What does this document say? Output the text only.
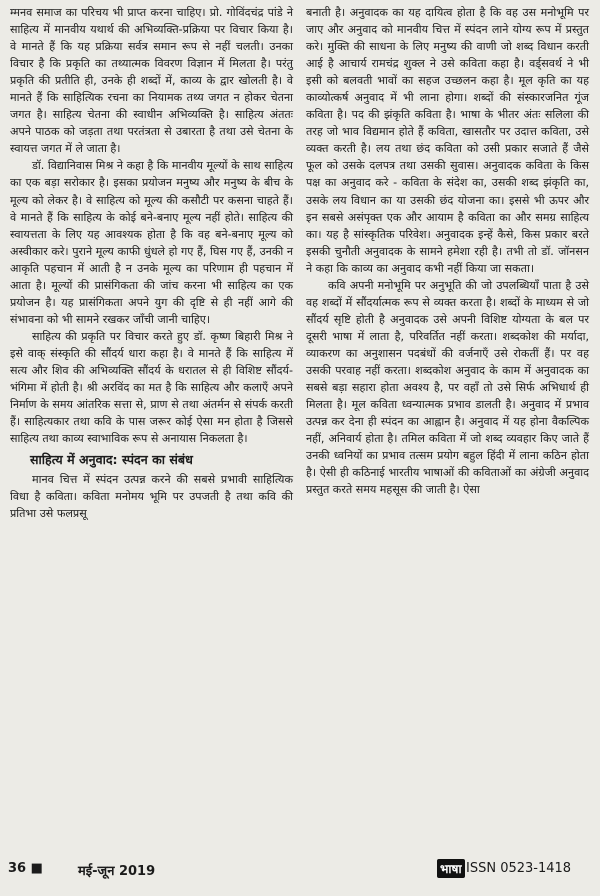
म्मनव समाज का परिचय भी प्राप्त करना चाहिए। प्रो. गोविंदचंद्र पांडे ने साहित्य में मानवीय यथार्थ की अभिव्यक्ति-प्रक्रिया पर विचार किया है। वे मानते हैं कि यह प्रक्रिया सर्वत्र समान रूप से नहीं चलती। उनका विचार है कि प्रकृति का तथ्यात्मक विवरण विज्ञान में मिलता है। परंतु प्रकृति की प्रतीति ही, उनके ही शब्दों में, काव्य के द्वार खोलती है। वे मानते हैं कि साहित्यिक रचना का नियामक तथ्य जगत न होकर चेतना जगत है। साहित्य चेतना की स्वाधीन अभिव्यक्ति है। साहित्य अंततः अपने पाठक को जड़ता तथा परतंत्रता से उबारता है तथा उसे चेतना के स्वायत्त जगत में ले जाता है।

डॉ. विद्यानिवास मिश्र ने कहा है कि मानवीय मूल्यों के साथ साहित्य का एक बड़ा सरोकार है। इसका प्रयोजन मनुष्य और मनुष्य के बीच के मूल्य को लेकर है। वे साहित्य को मूल्य की कसौटी पर कसना चाहते हैं। वे मानते हैं कि साहित्य के कोई बने-बनाए मूल्य नहीं होते। साहित्य की स्वायत्तता के लिए यह आवश्यक होता है कि वह बने-बनाए मूल्य को अस्वीकार करे। पुराने मूल्य काफी धुंधले हो गए हैं, घिस गए हैं, उनकी न आकृति पहचान में आती है न उनके मूल्य का परिणाम ही पहचान में आता है। मूल्यों की प्रासंगिकता की जांच करना भी साहित्य का एक प्रयोजन है। यह प्रासंगिकता अपने युग की दृष्टि से ही नहीं आगे की संभावना को भी सामने रखकर जाँची जानी चाहिए।

साहित्य की प्रकृति पर विचार करते हुए डॉ. कृष्ण बिहारी मिश्र ने इसे वाक् संस्कृति की सौंदर्य धारा कहा है। वे मानते हैं कि साहित्य में सत्य और शिव की अभिव्यक्ति सौंदर्य के धरातल से ही विशिष्ट सौंदर्य-भंगिमा में होती है। श्री अरविंद का मत है कि साहित्य और कलाएँ अपने निर्माण के समय आंतरिक सत्ता से, प्राण से तथा अंतर्मन से संपर्क करती हैं। साहित्यकार तथा कवि के पास जरूर कोई ऐसा मन होता है जिससे साहित्य तथा काव्य स्वाभाविक रूप से अनायास निकलता है।

साहित्य में अनुवाद: स्पंदन का संबंध

मानव चित्त में स्पंदन उत्पन्न करने की सबसे प्रभावी साहित्यिक विधा है कविता। कविता मनोमय भूमि पर उपजती है तथा कवि की प्रतिभा उसे फलप्रसू

बनाती है। अनुवादक का यह दायित्व होता है कि वह उस मनोभूमि पर जाए और अनुवाद को मानवीय चित्त में स्पंदन लाने योग्य रूप में प्रस्तुत करे। मुक्ति की साधना के लिए मनुष्य की वाणी जो शब्द विधान करती आई है आचार्य रामचंद्र शुक्ल ने उसे कविता कहा है। वर्ड्सवर्थ ने भी इसी को बलवती भावों का सहज उच्छलन कहा है। मूल कृति का यह काव्योत्कर्ष अनुवाद में भी लाना होगा। शब्दों की संस्कारजनित गूंज कविता है। पद की झंकृति कविता है। भाषा के भीतर अंतः सलिला की तरह जो भाव विद्यमान होते हैं कविता, खासतौर पर उदात्त कविता, उसे व्यक्त करती है। लय तथा छंद कविता को उसी प्रकार सजाते हैं जैसे फूल को उसके दलपत्र तथा उसकी सुवास। अनुवादक कविता के किस पक्ष का अनुवाद करे - कविता के संदेश का, उसकी शब्द झंकृति का, उसके लय विधान का या उसकी छंद योजना का। इससे भी ऊपर और इन सबसे असंपृक्त एक और आयाम है कविता का और समग्र साहित्य का। यह है सांस्कृतिक परिवेश। अनुवादक इन्हें कैसे, किस प्रकार बरते इसकी चुनौती अनुवादक के सामने हमेशा रही है। तभी तो डॉ. जॉनसन ने कहा कि काव्य का अनुवाद कभी नहीं किया जा सकता।

कवि अपनी मनोभूमि पर अनुभूति की जो उपलब्धियाँ पाता है उसे वह शब्दों में सौंदर्यात्मक रूप से व्यक्त करता है। शब्दों के माध्यम से जो सौंदर्य सृष्टि होती है अनुवादक उसे अपनी विशिष्ट योग्यता के बल पर दूसरी भाषा में लाता है, परिवर्तित नहीं करता। शब्दकोश की मर्यादा, व्याकरण का अनुशासन पदबंधों की वर्जनाएँ उसे रोकतीं हैं। पर वह उसकी परवाह नहीं करता। शब्दकोश अनुवाद के काम में अनुवादक का सबसे बड़ा सहारा होता अवश्य है, पर वहाँ तो उसे सिर्फ अभिधार्थ ही मिलता है। मूल कविता ध्वन्यात्मक प्रभाव डालती है। अनुवाद में प्रभाव उत्पन्न कर देना ही स्पंदन का आह्वान है। अनुवाद में यह होना वैकल्पिक नहीं, अनिवार्य होता है। तमिल कविता में जो शब्द व्यवहार किए जाते हैं उनकी ध्वनियों का प्रभाव तत्सम प्रयोग बहुल हिंदी में लाना कठिन होता है। ऐसी ही कठिनाई भारतीय भाषाओं की कविताओं का अंग्रेजी अनुवाद प्रस्तुत करते समय महसूस की जाती है। ऐसा

36 ■	मई-जून 2019	भाषा ISSN 0523-1418
